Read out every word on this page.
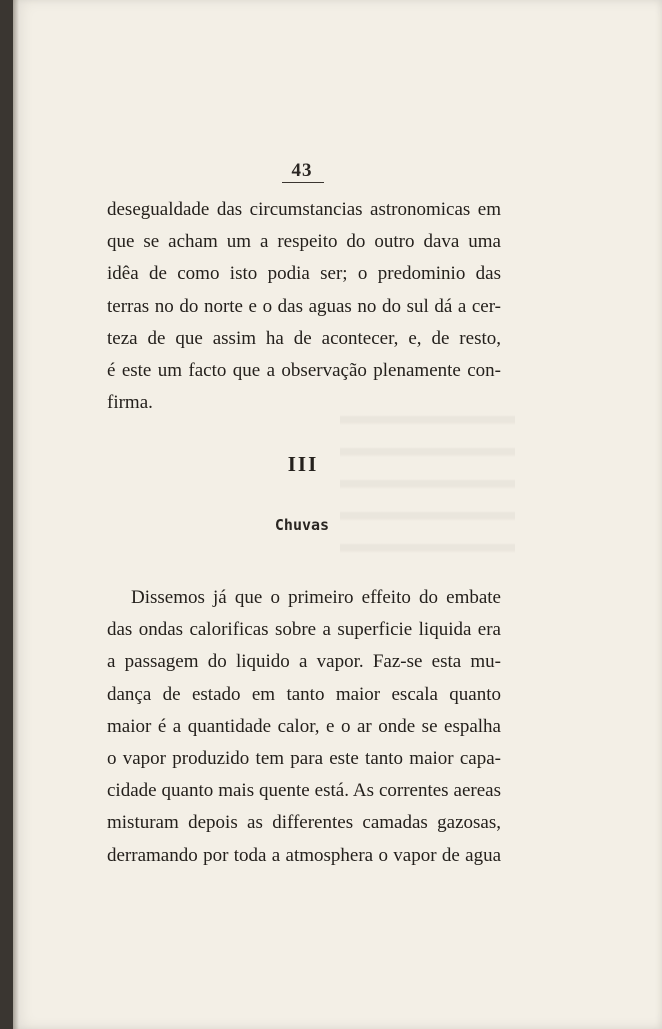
43
desegualdade das circumstancias astronomicas em
que se acham um a respeito do outro dava uma
idêa de como isto podia ser; o predominio das
terras no do norte e o das aguas no do sul dá a cer-
teza de que assim ha de acontecer, e, de resto,
é este um facto que a observação plenamente con-
firma.
III
Chuvas
Dissemos já que o primeiro effeito do embate
das ondas calorificas sobre a superficie liquida era
a passagem do liquido a vapor. Faz-se esta mu-
dança de estado em tanto maior escala quanto
maior é a quantidade calor, e o ar onde se espalha
o vapor produzido tem para este tanto maior capa-
cidade quanto mais quente está. As correntes aereas
misturam depois as differentes camadas gazosas,
derramando por toda a atmosphera o vapor de agua
